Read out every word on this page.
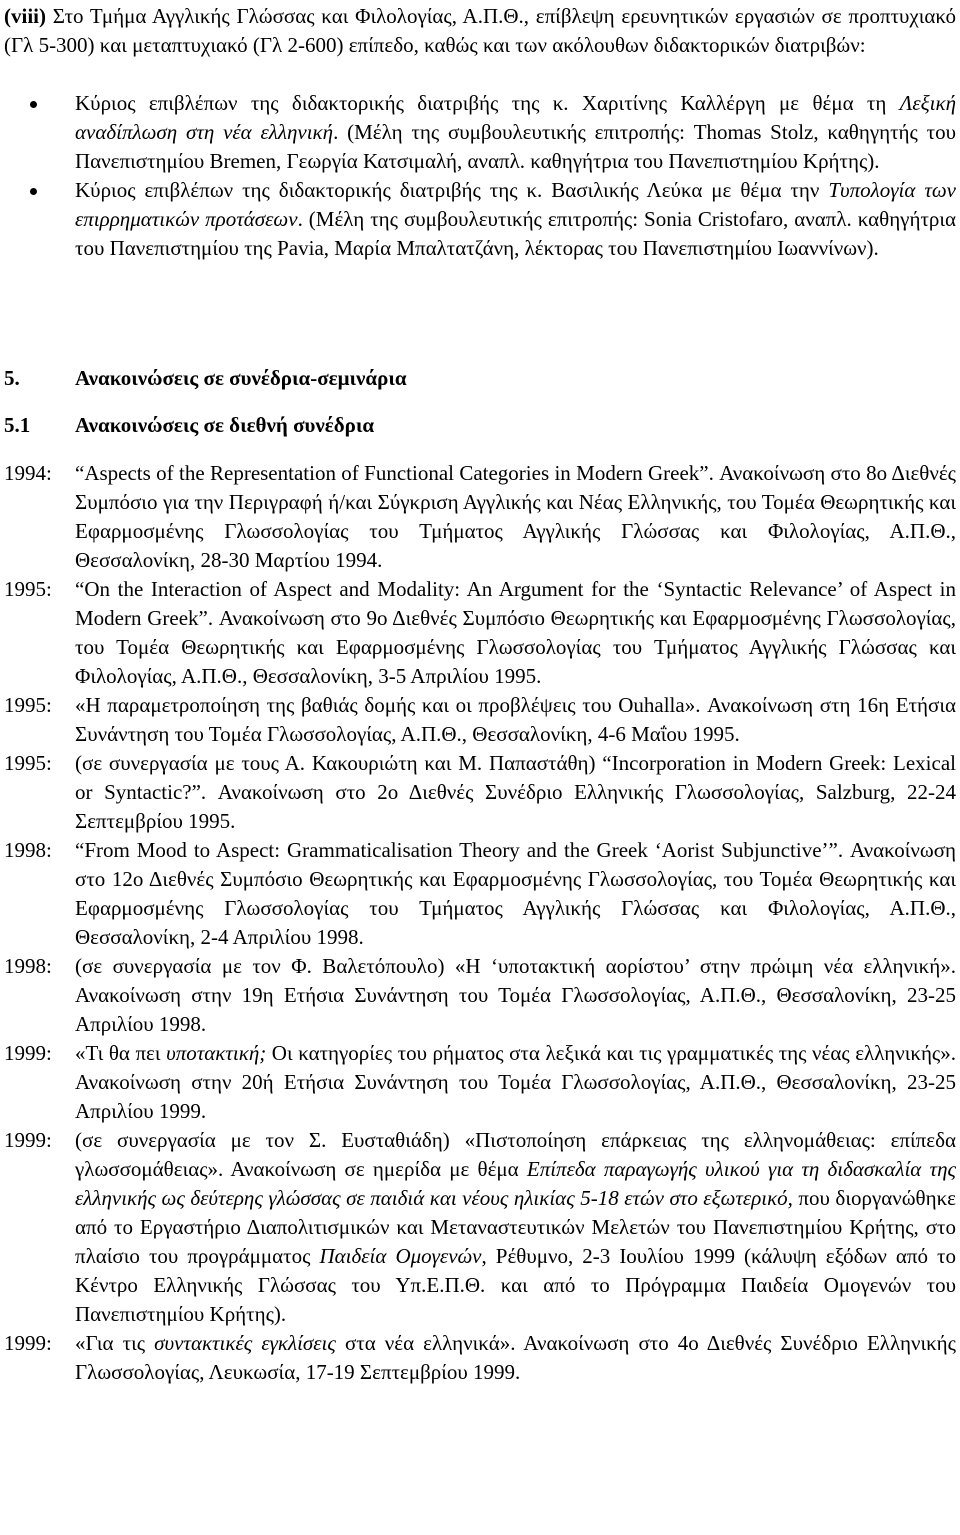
(viii) Στο Τμήμα Αγγλικής Γλώσσας και Φιλολογίας, Α.Π.Θ., επίβλεψη ερευνητικών εργασιών σε προπτυχιακό (Γλ 5-300) και μεταπτυχιακό (Γλ 2-600) επίπεδο, καθώς και των ακόλουθων διδακτορικών διατριβών:

Κύριος επιβλέπων της διδακτορικής διατριβής της κ. Χαριτίνης Καλλέργη με θέμα τη Λεξική αναδίπλωση στη νέα ελληνική. (Μέλη της συμβουλευτικής επιτροπής: Thomas Stolz, καθηγητής του Πανεπιστημίου Bremen, Γεωργία Κατσιμαλή, αναπλ. καθηγήτρια του Πανεπιστημίου Κρήτης).
Κύριος επιβλέπων της διδακτορικής διατριβής της κ. Βασιλικής Λεύκα με θέμα την Τυπολογία των επιρρηματικών προτάσεων. (Μέλη της συμβουλευτικής επιτροπής: Sonia Cristofaro, αναπλ. καθηγήτρια του Πανεπιστημίου της Pavia, Μαρία Μπαλτατζάνη, λέκτορας του Πανεπιστημίου Ιωαννίνων).
5.	Ανακοινώσεις σε συνέδρια-σεμινάρια
5.1 Ανακοινώσεις σε διεθνή συνέδρια
1994:	“Aspects of the Representation of Functional Categories in Modern Greek”. Ανακοίνωση στο 8ο Διεθνές Συμπόσιο για την Περιγραφή ή/και Σύγκριση Αγγλικής και Νέας Ελληνικής, του Τομέα Θεωρητικής και Εφαρμοσμένης Γλωσσολογίας του Τμήματος Αγγλικής Γλώσσας και Φιλολογίας, Α.Π.Θ., Θεσσαλονίκη, 28-30 Μαρτίου 1994.
1995:	“On the Interaction of Aspect and Modality: An Argument for the ‘Syntactic Relevance’ of Aspect in Modern Greek”. Ανακοίνωση στο 9ο Διεθνές Συμπόσιο Θεωρητικής και Εφαρμοσμένης Γλωσσολογίας, του Τομέα Θεωρητικής και Εφαρμοσμένης Γλωσσολογίας του Τμήματος Αγγλικής Γλώσσας και Φιλολογίας, Α.Π.Θ., Θεσσαλονίκη, 3-5 Απριλίου 1995.
1995:	«Η παραμετροποίηση της βαθιάς δομής και οι προβλέψεις του Ouhalla». Ανακοίνωση στη 16η Ετήσια Συνάντηση του Τομέα Γλωσσολογίας, Α.Π.Θ., Θεσσαλονίκη, 4-6 Μαΐου 1995.
1995:	(σε συνεργασία με τους Α. Κακουριώτη και Μ. Παπαστάθη) “Incorporation in Modern Greek: Lexical or Syntactic?”. Ανακοίνωση στο 2ο Διεθνές Συνέδριο Ελληνικής Γλωσσολογίας, Salzburg, 22-24 Σεπτεμβρίου 1995.
1998:	“From Mood to Aspect: Grammaticalisation Theory and the Greek ‘Aorist Subjunctive’”. Ανακοίνωση στο 12ο Διεθνές Συμπόσιο Θεωρητικής και Εφαρμοσμένης Γλωσσολογίας, του Τομέα Θεωρητικής και Εφαρμοσμένης Γλωσσολογίας του Τμήματος Αγγλικής Γλώσσας και Φιλολογίας, Α.Π.Θ., Θεσσαλονίκη, 2-4 Απριλίου 1998.
1998:	(σε συνεργασία με τον Φ. Βαλετόπουλο) «Η ‘υποτακτική αορίστου’ στην πρώιμη νέα ελληνική». Ανακοίνωση στην 19η Ετήσια Συνάντηση του Τομέα Γλωσσολογίας, Α.Π.Θ., Θεσσαλονίκη, 23-25 Απριλίου 1998.
1999:	«Τι θα πει υποτακτική; Οι κατηγορίες του ρήματος στα λεξικά και τις γραμματικές της νέας ελληνικής». Ανακοίνωση στην 20ή Ετήσια Συνάντηση του Τομέα Γλωσσολογίας, Α.Π.Θ., Θεσσαλονίκη, 23-25 Απριλίου 1999.
1999:	(σε συνεργασία με τον Σ. Ευσταθιάδη) «Πιστοποίηση επάρκειας της ελληνομάθειας: επίπεδα γλωσσομάθειας». Ανακοίνωση σε ημερίδα με θέμα Επίπεδα παραγωγής υλικού για τη διδασκαλία της ελληνικής ως δεύτερης γλώσσας σε παιδιά και νέους ηλικίας 5-18 ετών στο εξωτερικό, που διοργανώθηκε από το Εργαστήριο Διαπολιτισμικών και Μεταναστευτικών Μελετών του Πανεπιστημίου Κρήτης, στο πλαίσιο του προγράμματος Παιδεία Ομογενών, Ρέθυμνο, 2-3 Ιουλίου 1999 (κάλυψη εξόδων από το Κέντρο Ελληνικής Γλώσσας του Υπ.Ε.Π.Θ. και από το Πρόγραμμα Παιδεία Ομογενών του Πανεπιστημίου Κρήτης).
1999:	«Για τις συντακτικές εγκλίσεις στα νέα ελληνικά». Ανακοίνωση στο 4ο Διεθνές Συνέδριο Ελληνικής Γλωσσολογίας, Λευκωσία, 17-19 Σεπτεμβρίου 1999.
